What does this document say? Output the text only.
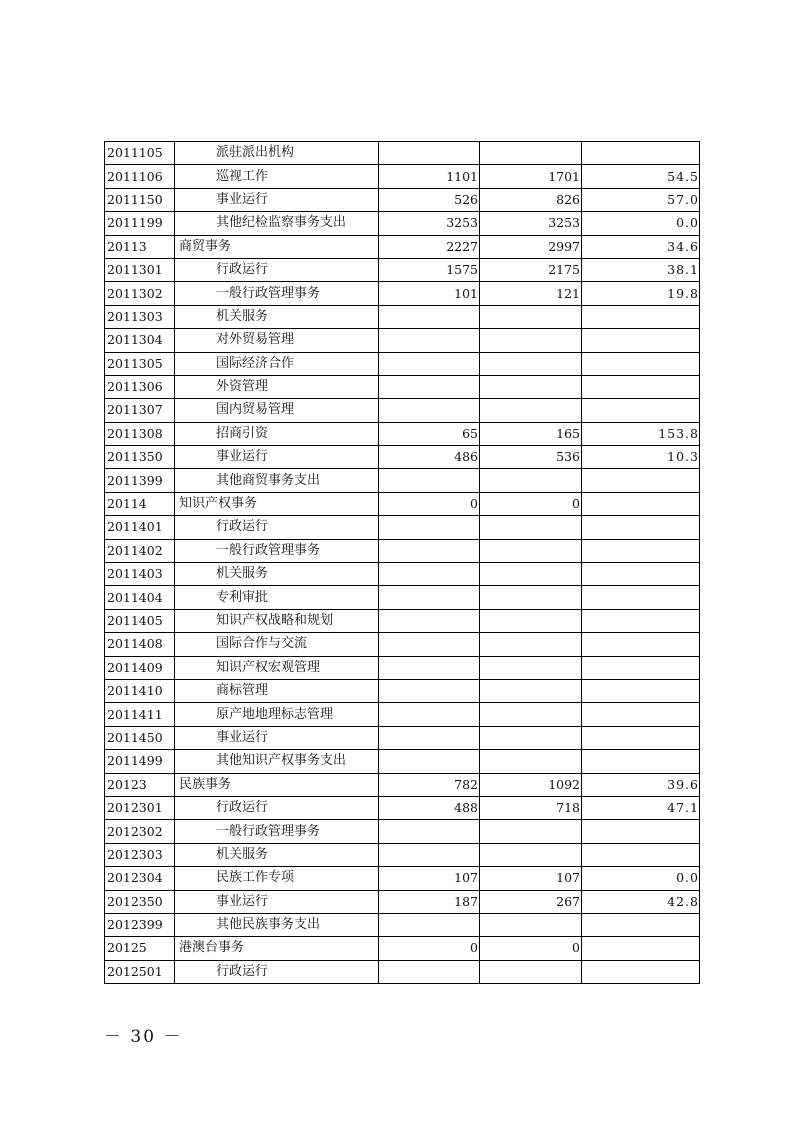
2011105	派驻派出机构			
2011106	巡视工作	1101	1701	54.5
2011150	事业运行	526	826	57.0
2011199	其他纪检监察事务支出	3253	3253	0.0
20113	商贸事务	2227	2997	34.6
2011301	行政运行	1575	2175	38.1
2011302	一般行政管理事务	101	121	19.8
2011303	机关服务			
2011304	对外贸易管理			
2011305	国际经济合作			
2011306	外资管理			
2011307	国内贸易管理			
2011308	招商引资	65	165	153.8
2011350	事业运行	486	536	10.3
2011399	其他商贸事务支出			
20114	知识产权事务	0	0	
2011401	行政运行			
2011402	一般行政管理事务			
2011403	机关服务			
2011404	专利审批			
2011405	知识产权战略和规划			
2011408	国际合作与交流			
2011409	知识产权宏观管理			
2011410	商标管理			
2011411	原产地地理标志管理			
2011450	事业运行			
2011499	其他知识产权事务支出			
20123	民族事务	782	1092	39.6
2012301	行政运行	488	718	47.1
2012302	一般行政管理事务			
2012303	机关服务			
2012304	民族工作专项	107	107	0.0
2012350	事业运行	187	267	42.8
2012399	其他民族事务支出			
20125	港澳台事务	0	0	
2012501	行政运行			
－ 30 －
